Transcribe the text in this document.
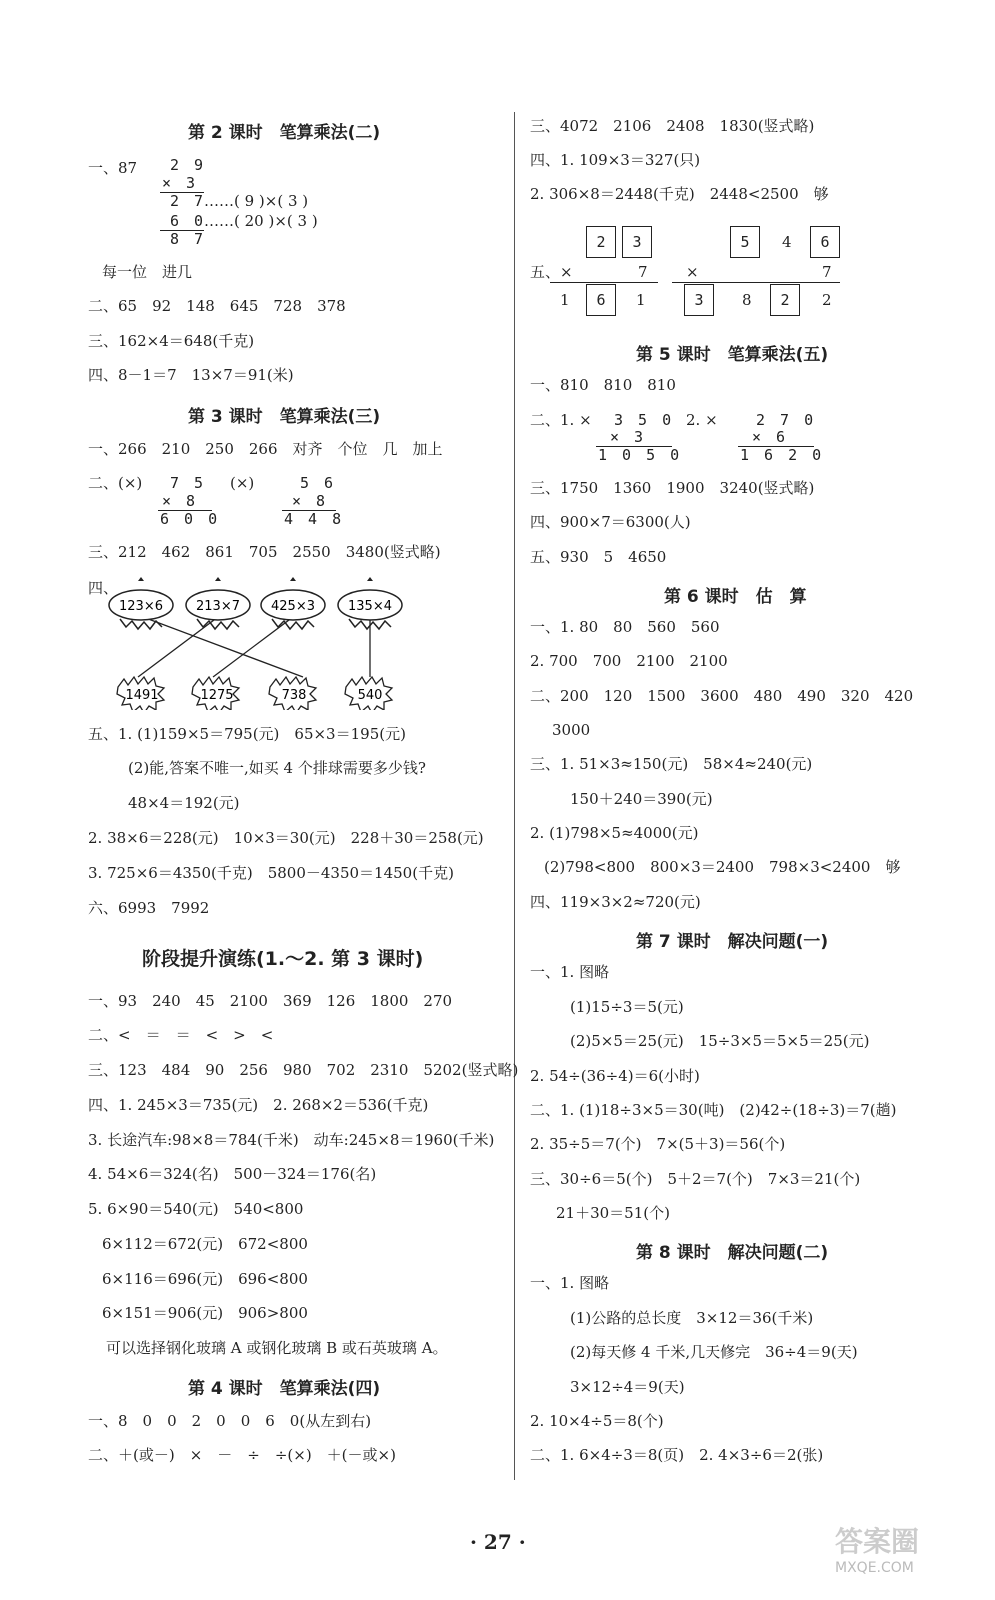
第 2 课时　笔算乘法(二)
一、87 2 9
× 3
2 7
……( 9 )×( 3 )
6 0
……( 20 )×( 3 )
8 7
每一位　进几
二、65　92　148　645　728　378
三、162×4＝648(千克)
四、8－1＝7　13×7＝91(米)
第 3 课时　笔算乘法(三)
一、266　210　250　266　对齐　个位　几　加上
二、(×) 7 5
× 8
6 0 0
(×)	5 6
× 8
4 4 8
三、212　462　861　705　2550　3480(竖式略)
四、
123×6	213×7 425×3	135×4
1491	1275	738	540
五、1. (1)159×5＝795(元)　65×3＝195(元)
(2)能,答案不唯一,如买 4 个排球需要多少钱?
48×4＝192(元)
2. 38×6＝228(元)　10×3＝30(元)　228＋30＝258(元)
3. 725×6＝4350(千克)　5800－4350＝1450(千克)
六、6993　7992
阶段提升演练(1.～2. 第 3 课时)
一、93　240　45　2100　369　126　1800　270
二、<　＝　＝　<　>　<
三、123　484　90　256　980　702　2310　5202(竖式略)
四、1. 245×3＝735(元)　2. 268×2＝536(千克)
3. 长途汽车:98×8＝784(千米)　动车:245×8＝1960(千米)
4. 54×6＝324(名)　500－324＝176(名)
5. 6×90＝540(元)　540<800
6×112＝672(元)　672<800
6×116＝696(元)　696<800
6×151＝906(元)　906>800
可以选择钢化玻璃 A 或钢化玻璃 B 或石英玻璃 A。
第 4 课时　笔算乘法(四)
一、8　0　0　2　0　0　6　0(从左到右)
二、＋(或－)　×　－　÷　÷(×)　＋(－或×)
三、4072　2106　2408　1830(竖式略)
四、1. 109×3＝327(只)
2. 306×8＝2448(千克)　2448<2500　够
2	3
五、×	7
1	6	1
5	4	6
×	7
3	8	2	2
第 5 课时　笔算乘法(五)
一、810　810　810
二、1. × 3 5 0
× 3
1 0 5 0
2. ×	2 7 0
× 6
1 6 2 0
三、1750　1360　1900　3240(竖式略)
四、900×7＝6300(人)
五、930　5　4650
第 6 课时　估　算
一、1. 80　80　560　560
2. 700　700　2100　2100
二、200　120　1500　3600　480　490　320　420
3000
三、1. 51×3≈150(元)　58×4≈240(元)
150＋240＝390(元)
2. (1)798×5≈4000(元)
(2)798<800　800×3＝2400　798×3<2400　够
四、119×3×2≈720(元)
第 7 课时　解决问题(一)
一、1. 图略
(1)15÷3＝5(元)
(2)5×5＝25(元)　15÷3×5＝5×5＝25(元)
2. 54÷(36÷4)＝6(小时)
二、1. (1)18÷3×5＝30(吨)　(2)42÷(18÷3)＝7(趟)
2. 35÷5＝7(个)　7×(5＋3)＝56(个)
三、30÷6＝5(个)　5＋2＝7(个)　7×3＝21(个)
21＋30＝51(个)
第 8 课时　解决问题(二)
一、1. 图略
(1)公路的总长度　3×12＝36(千米)
(2)每天修 4 千米,几天修完　36÷4＝9(天)
3×12÷4＝9(天)
2. 10×4÷5＝8(个)
二、1. 6×4÷3＝8(页)　2. 4×3÷6＝2(张)
· 27 ·	答案圈
MXQE.COM
